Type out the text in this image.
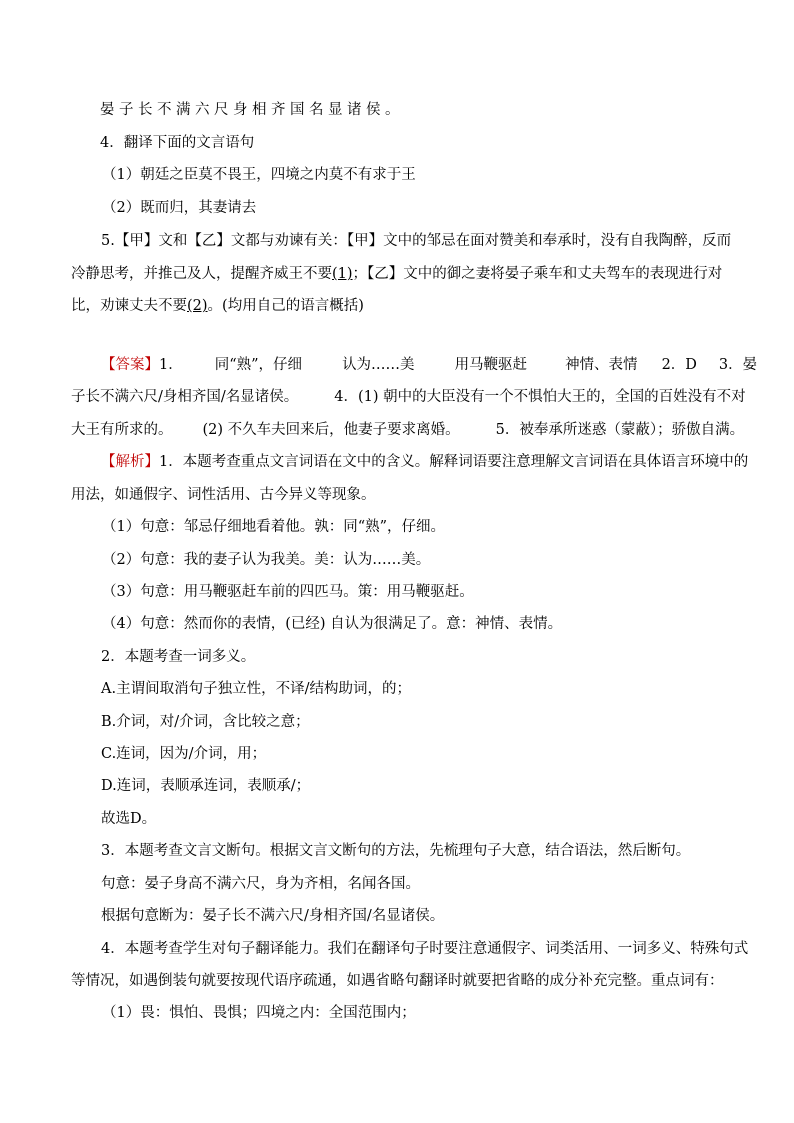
晏子长不满六尺身相齐国名显诸侯。
4．翻译下面的文言语句
（1）朝廷之臣莫不畏王，四境之内莫不有求于王
（2）既而归，其妻请去
5.【甲】文和【乙】文都与劝谏有关：【甲】文中的邹忌在面对赞美和奉承时，没有自我陶醉，反而
冷静思考，并推己及人，提醒齐威王不要(1)；【乙】文中的御之妻将晏子乘车和丈夫驾车的表现进行对
比，劝谏丈夫不要(2)。(均用自己的语言概括)
【答案】1． 同“熟”，仔细	认为……美	用马鞭驱赶	神情、表情 2．D 3．晏
子长不满六尺/身相齐国/名显诸侯。 4．(1) 朝中的大臣没有一个不惧怕大王的，全国的百姓没有不对
大王有所求的。 (2) 不久车夫回来后，他妻子要求离婚。 5．被奉承所迷惑（蒙蔽）；骄傲自满。
【解析】1．本题考查重点文言词语在文中的含义。解释词语要注意理解文言词语在具体语言环境中的
用法，如通假字、词性活用、古今异义等现象。
（1）句意：邹忌仔细地看着他。孰：同“熟”，仔细。
（2）句意：我的妻子认为我美。美：认为……美。
（3）句意：用马鞭驱赶车前的四匹马。策：用马鞭驱赶。
（4）句意：然而你的表情，(已经) 自认为很满足了。意：神情、表情。
2．本题考查一词多义。
A.主谓间取消句子独立性，不译/结构助词，的；
B.介词，对/介词，含比较之意；
C.连词，因为/介词，用；
D.连词，表顺承连词，表顺承/；
故选D。
3．本题考查文言文断句。根据文言文断句的方法，先梳理句子大意，结合语法，然后断句。
句意：晏子身高不满六尺，身为齐相，名闻各国。
根据句意断为：晏子长不满六尺/身相齐国/名显诸侯。
4．本题考查学生对句子翻译能力。我们在翻译句子时要注意通假字、词类活用、一词多义、特殊句式
等情况，如遇倒装句就要按现代语序疏通，如遇省略句翻译时就要把省略的成分补充完整。重点词有：
（1）畏：惧怕、畏惧；四境之内：全国范围内；
